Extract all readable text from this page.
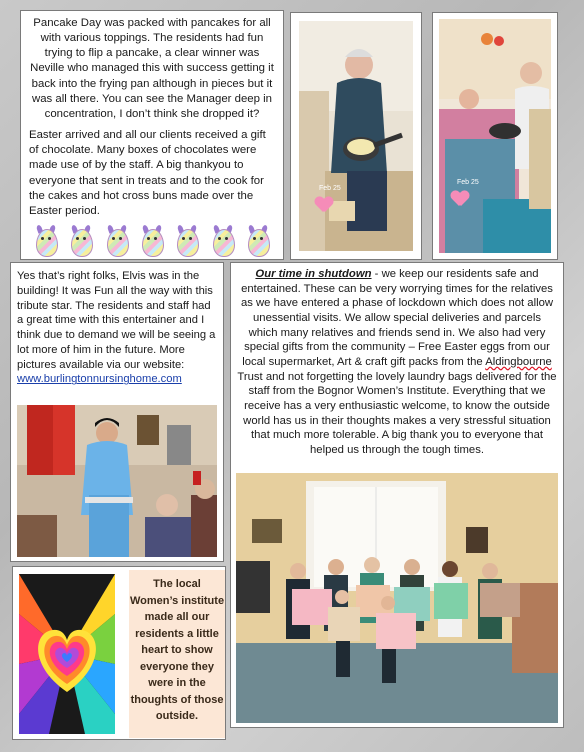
Pancake Day was packed with pancakes for all with various toppings. The residents had fun trying to flip a pancake, a clear winner was Neville who managed this with success getting it back into the frying pan although in pieces but it was all there. You can see the Manager deep in concentration, I don’t think she dropped it?

Easter arrived and all our clients received a gift of chocolate. Many boxes of chocolates were made use of by the staff. A big thankyou to everyone that sent in treats and to the cook for the cakes and hot cross buns made over the Easter period.

Feb 25
Feb 25
Yes that’s right folks, Elvis was in the building! It was Fun all the way with this tribute star. The residents and staff had a great time with this entertainer and I think due to demand we will be seeing a lot more of him in the future. More pictures available via our website: www.burlingtonnursinghome.com
The local Women’s institute made all our residents a little heart to show everyone they were in the thoughts of those outside.
Our time in shutdown - we keep our residents safe and entertained. These can be very worrying times for the relatives as we have entered a phase of lockdown which does not allow unessential visits. We allow special deliveries and parcels which many relatives and friends send in. We also had very special gifts from the community – Free Easter eggs from our local supermarket, Art & craft gift packs from the Aldingbourne Trust and not forgetting the lovely laundry bags delivered for the staff from the Bognor Women’s Institute. Everything that we receive has a very enthusiastic welcome, to know the outside world has us in their thoughts makes a very stressful situation that much more tolerable. A big thank you to everyone that helped us through the tough times.
